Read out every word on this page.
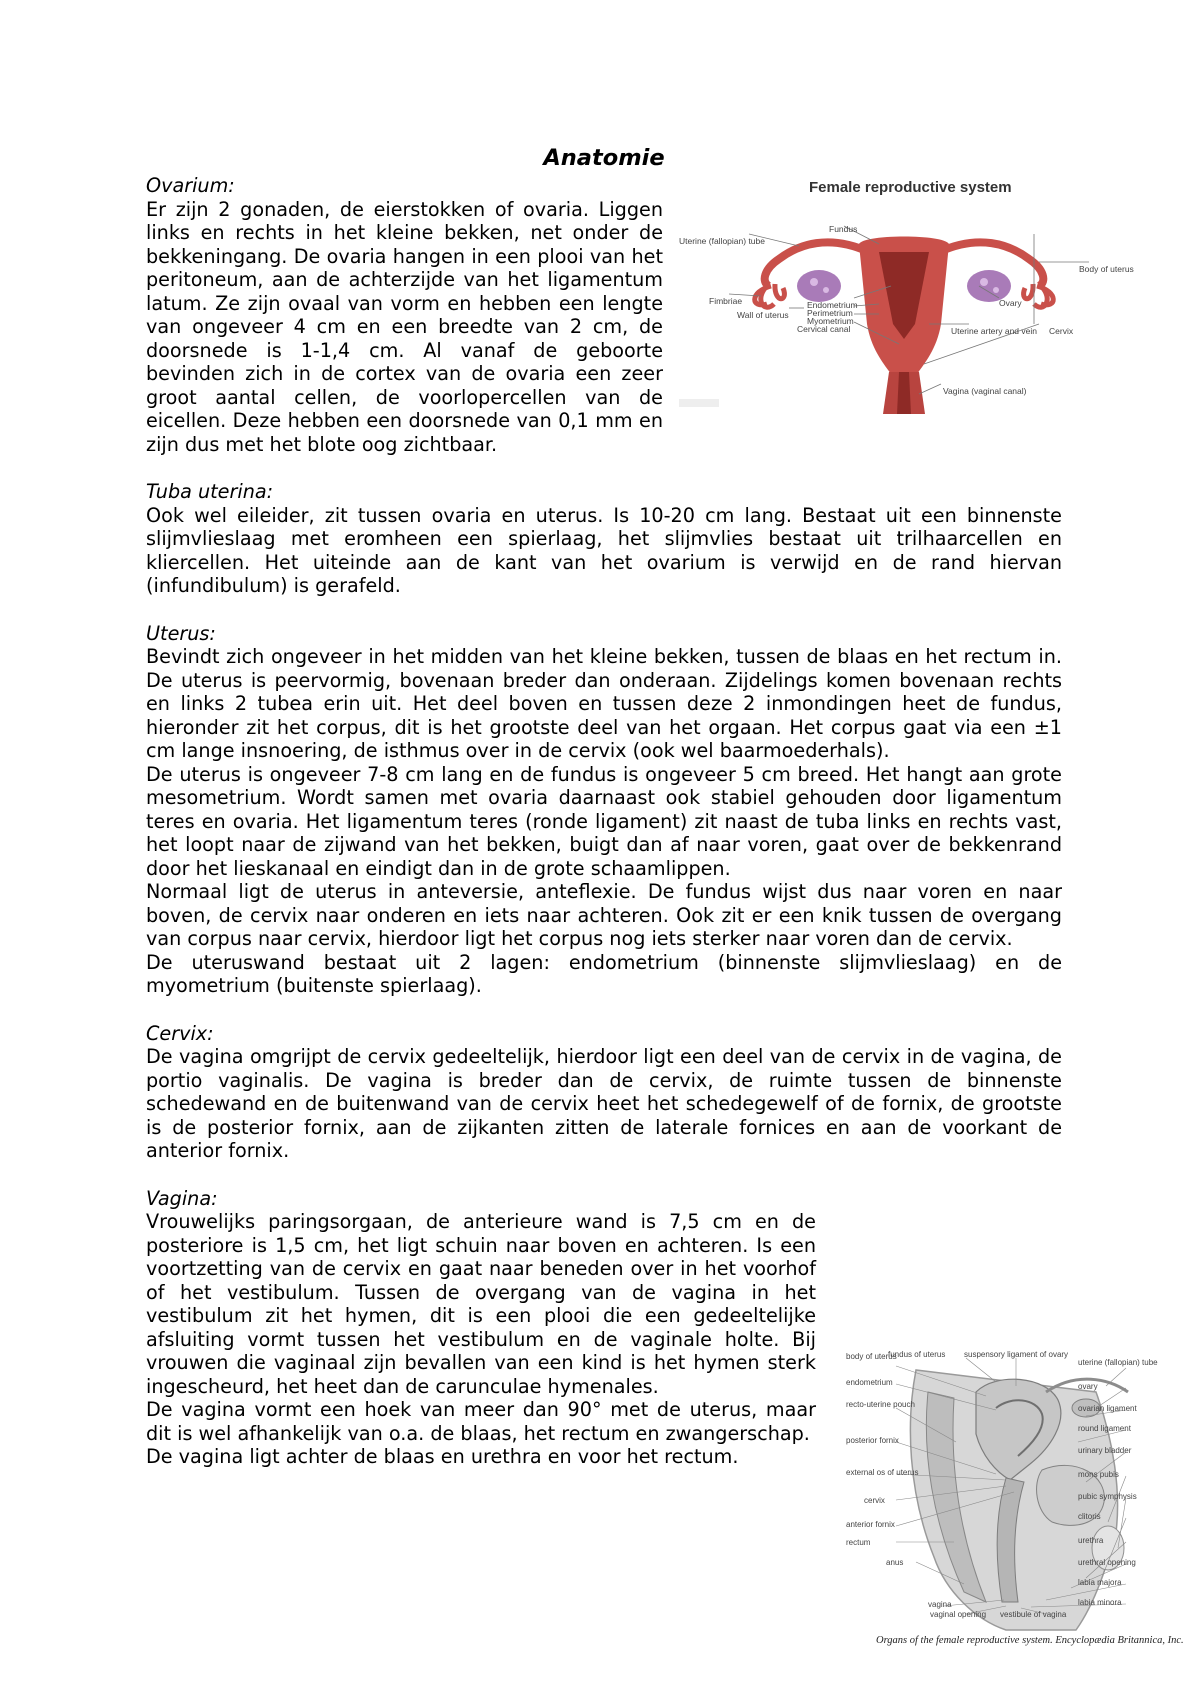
Anatomie
Female reproductive system
Uterine (fallopian) tube
Fundus
Body of uterus
Fimbriae	Ovary
Endometrium
Perimetrium
Myometrium
Wall of uterus
Cervical canal	Uterine artery and vein Cervix
Vagina (vaginal canal)
Ovarium:

Er zijn 2 gonaden, de eierstokken of ovaria. Liggen links en rechts in het kleine bekken, net onder de bekkeningang. De ovaria hangen in een plooi van het peritoneum, aan de achterzijde van het ligamentum latum. Ze zijn ovaal van vorm en hebben een lengte van ongeveer 4 cm en een breedte van 2 cm, de doorsnede is 1-1,4 cm. Al vanaf de geboorte bevinden zich in de cortex van de ovaria een zeer groot aantal cellen, de voorlopercellen van de eicellen. Deze hebben een doorsnede van 0,1 mm en zijn dus met het blote oog zichtbaar.

Tuba uterina:

Ook wel eileider, zit tussen ovaria en uterus. Is 10-20 cm lang. Bestaat uit een binnenste slijmvlieslaag met eromheen een spierlaag, het slijmvlies bestaat uit trilhaarcellen en kliercellen. Het uiteinde aan de kant van het ovarium is verwijd en de rand hiervan (infundibulum) is gerafeld.

Uterus:

Bevindt zich ongeveer in het midden van het kleine bekken, tussen de blaas en het rectum in. De uterus is peervormig, bovenaan breder dan onderaan. Zijdelings komen bovenaan rechts en links 2 tubea erin uit. Het deel boven en tussen deze 2 inmondingen heet de fundus, hieronder zit het corpus, dit is het grootste deel van het orgaan. Het corpus gaat via een ±1 cm lange insnoering, de isthmus over in de cervix (ook wel baarmoederhals).

De uterus is ongeveer 7-8 cm lang en de fundus is ongeveer 5 cm breed. Het hangt aan grote mesometrium. Wordt samen met ovaria daarnaast ook stabiel gehouden door ligamentum teres en ovaria. Het ligamentum teres (ronde ligament) zit naast de tuba links en rechts vast, het loopt naar de zijwand van het bekken, buigt dan af naar voren, gaat over de bekkenrand door het lieskanaal en eindigt dan in de grote schaamlippen.

Normaal ligt de uterus in anteversie, anteflexie. De fundus wijst dus naar voren en naar boven, de cervix naar onderen en iets naar achteren. Ook zit er een knik tussen de overgang van corpus naar cervix, hierdoor ligt het corpus nog iets sterker naar voren dan de cervix.

De uteruswand bestaat uit 2 lagen: endometrium (binnenste slijmvlieslaag) en de myometrium (buitenste spierlaag).

Cervix:

De vagina omgrijpt de cervix gedeeltelijk, hierdoor ligt een deel van de cervix in de vagina, de portio vaginalis. De vagina is breder dan de cervix, de ruimte tussen de binnenste schedewand en de buitenwand van de cervix heet het schedegewelf of de fornix, de grootste is de posterior fornix, aan de zijkanten zitten de laterale fornices en aan de voorkant de anterior fornix.

Vagina:

Vrouwelijks paringsorgaan, de anterieure wand is 7,5 cm en de posteriore is 1,5 cm, het ligt schuin naar boven en achteren. Is een voortzetting van de cervix en gaat naar beneden over in het voorhof of het vestibulum. Tussen de overgang van de vagina in het vestibulum zit het hymen, dit is een plooi die een gedeeltelijke afsluiting vormt tussen het vestibulum en de vaginale holte. Bij vrouwen die vaginaal zijn bevallen van een kind is het hymen sterk ingescheurd, het heet dan de carunculae hymenales.

De vagina vormt een hoek van meer dan 90° met de uterus, maar dit is wel afhankelijk van o.a. de blaas, het rectum en zwangerschap.

De vagina ligt achter de blaas en urethra en voor het rectum.

body of uterus
endometrium
recto-uterine pouch
posterior fornix
external os of uterus
cervix
anterior fornix
rectum
anus
fundus of uterus suspensory ligament of ovary
uterine (fallopian) tube
ovary
ovarian ligament
round ligament
urinary bladder
mons pubis
pubic symphysis
clitoris
urethra
urethral opening
labia majora
labia minora
vagina
vaginal opening vestibule of vagina
Organs of the female reproductive system. Encyclopædia Britannica, Inc.
